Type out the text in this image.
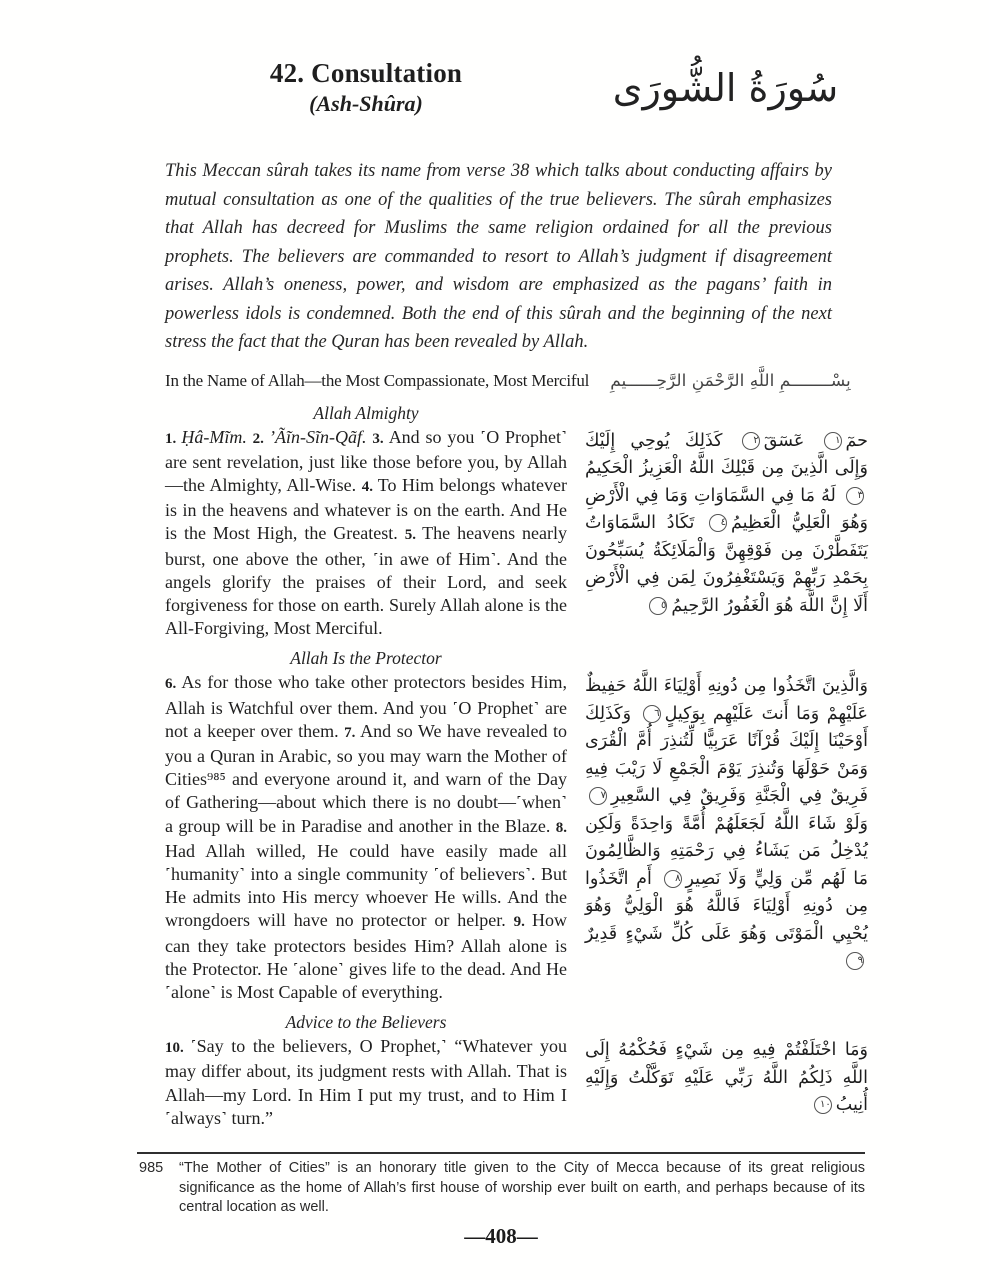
42. Consultation
(Ash-Shûra)	سُورَةُ الشُّورَى

This Meccan sûrah takes its name from verse 38 which talks about conducting affairs by mutual consultation as one of the qualities of the true believers. The sûrah emphasizes that Allah has decreed for Muslims the same religion ordained for all the previous prophets. The believers are commanded to resort to Allah’s judgment if disagreement arises. Allah’s oneness, power, and wisdom are emphasized as the pagans’ faith in powerless idols is condemned. Both the end of this sûrah and the beginning of the next stress the fact that the Quran has been revealed by Allah.

In the Name of Allah—the Most Compassionate, Most Merciful	بِسْــــــــمِ اللَّهِ الرَّحْمَنِ الرَّحِــــــيمِ
Allah Almighty

1. Ḥâ-Mĩm. 2. ʼÃĩn-Sĩn-Qãf. 3. And so you ˹O Prophet˺ are sent revelation, just like those before you, by Allah—the Almighty, All-Wise. 4. To Him belongs whatever is in the heavens and whatever is on the earth. And He is the Most High, the Greatest. 5. The heavens nearly burst, one above the other, ˹in awe of Him˺. And the angels glorify the praises of their Lord, and seek forgiveness for those on earth. Surely Allah alone is the All-Forgiving, Most Merciful.

حمٓ١ عٓسٓقٓ٢ كَذَلِكَ يُوحِي إِلَيْكَ وَإِلَى الَّذِينَ مِن قَبْلِكَ اللَّهُ الْعَزِيزُ الْحَكِيمُ٣ لَهُ مَا فِي السَّمَاوَاتِ وَمَا فِي الْأَرْضِ وَهُوَ الْعَلِيُّ الْعَظِيمُ٤ تَكَادُ السَّمَاوَاتُ يَتَفَطَّرْنَ مِن فَوْقِهِنَّ وَالْمَلَائِكَةُ يُسَبِّحُونَ بِحَمْدِ رَبِّهِمْ وَيَسْتَغْفِرُونَ لِمَن فِي الْأَرْضِ أَلَا إِنَّ اللَّهَ هُوَ الْغَفُورُ الرَّحِيمُ٥

Allah Is the Protector

6. As for those who take other protectors besides Him, Allah is Watchful over them. And you ˹O Prophet˺ are not a keeper over them. 7. And so We have revealed to you a Quran in Arabic, so you may warn the Mother of Cities⁹⁸⁵ and everyone around it, and warn of the Day of Gathering—about which there is no doubt—˹when˺ a group will be in Paradise and another in the Blaze. 8. Had Allah willed, He could have easily made all ˹humanity˺ into a single community ˹of believers˺. But He admits into His mercy whoever He wills. And the wrongdoers will have no protector or helper. 9. How can they take protectors besides Him? Allah alone is the Protector. He ˹alone˺ gives life to the dead. And He ˹alone˺ is Most Capable of everything.

وَالَّذِينَ اتَّخَذُوا مِن دُونِهِ أَوْلِيَاءَ اللَّهُ حَفِيظٌ عَلَيْهِمْ وَمَا أَنتَ عَلَيْهِم بِوَكِيلٍ٦ وَكَذَلِكَ أَوْحَيْنَا إِلَيْكَ قُرْآنًا عَرَبِيًّا لِّتُنذِرَ أُمَّ الْقُرَى وَمَنْ حَوْلَهَا وَتُنذِرَ يَوْمَ الْجَمْعِ لَا رَيْبَ فِيهِ فَرِيقٌ فِي الْجَنَّةِ وَفَرِيقٌ فِي السَّعِيرِ٧ وَلَوْ شَاءَ اللَّهُ لَجَعَلَهُمْ أُمَّةً وَاحِدَةً وَلَكِن يُدْخِلُ مَن يَشَاءُ فِي رَحْمَتِهِ وَالظَّالِمُونَ مَا لَهُم مِّن وَلِيٍّ وَلَا نَصِيرٍ٨ أَمِ اتَّخَذُوا مِن دُونِهِ أَوْلِيَاءَ فَاللَّهُ هُوَ الْوَلِيُّ وَهُوَ يُحْيِي الْمَوْتَى وَهُوَ عَلَى كُلِّ شَيْءٍ قَدِيرٌ٩

Advice to the Believers

10. ˹Say to the believers, O Prophet,˺ “Whatever you may differ about, its judgment rests with Allah. That is Allah—my Lord. In Him I put my trust, and to Him I ˹always˺ turn.”

وَمَا اخْتَلَفْتُمْ فِيهِ مِن شَيْءٍ فَحُكْمُهُ إِلَى اللَّهِ ذَلِكُمُ اللَّهُ رَبِّي عَلَيْهِ تَوَكَّلْتُ وَإِلَيْهِ أُنِيبُ١٠

985 “The Mother of Cities” is an honorary title given to the City of Mecca because of its great religious significance as the home of Allah’s first house of worship ever built on earth, and perhaps because of its central location as well.
—408—
